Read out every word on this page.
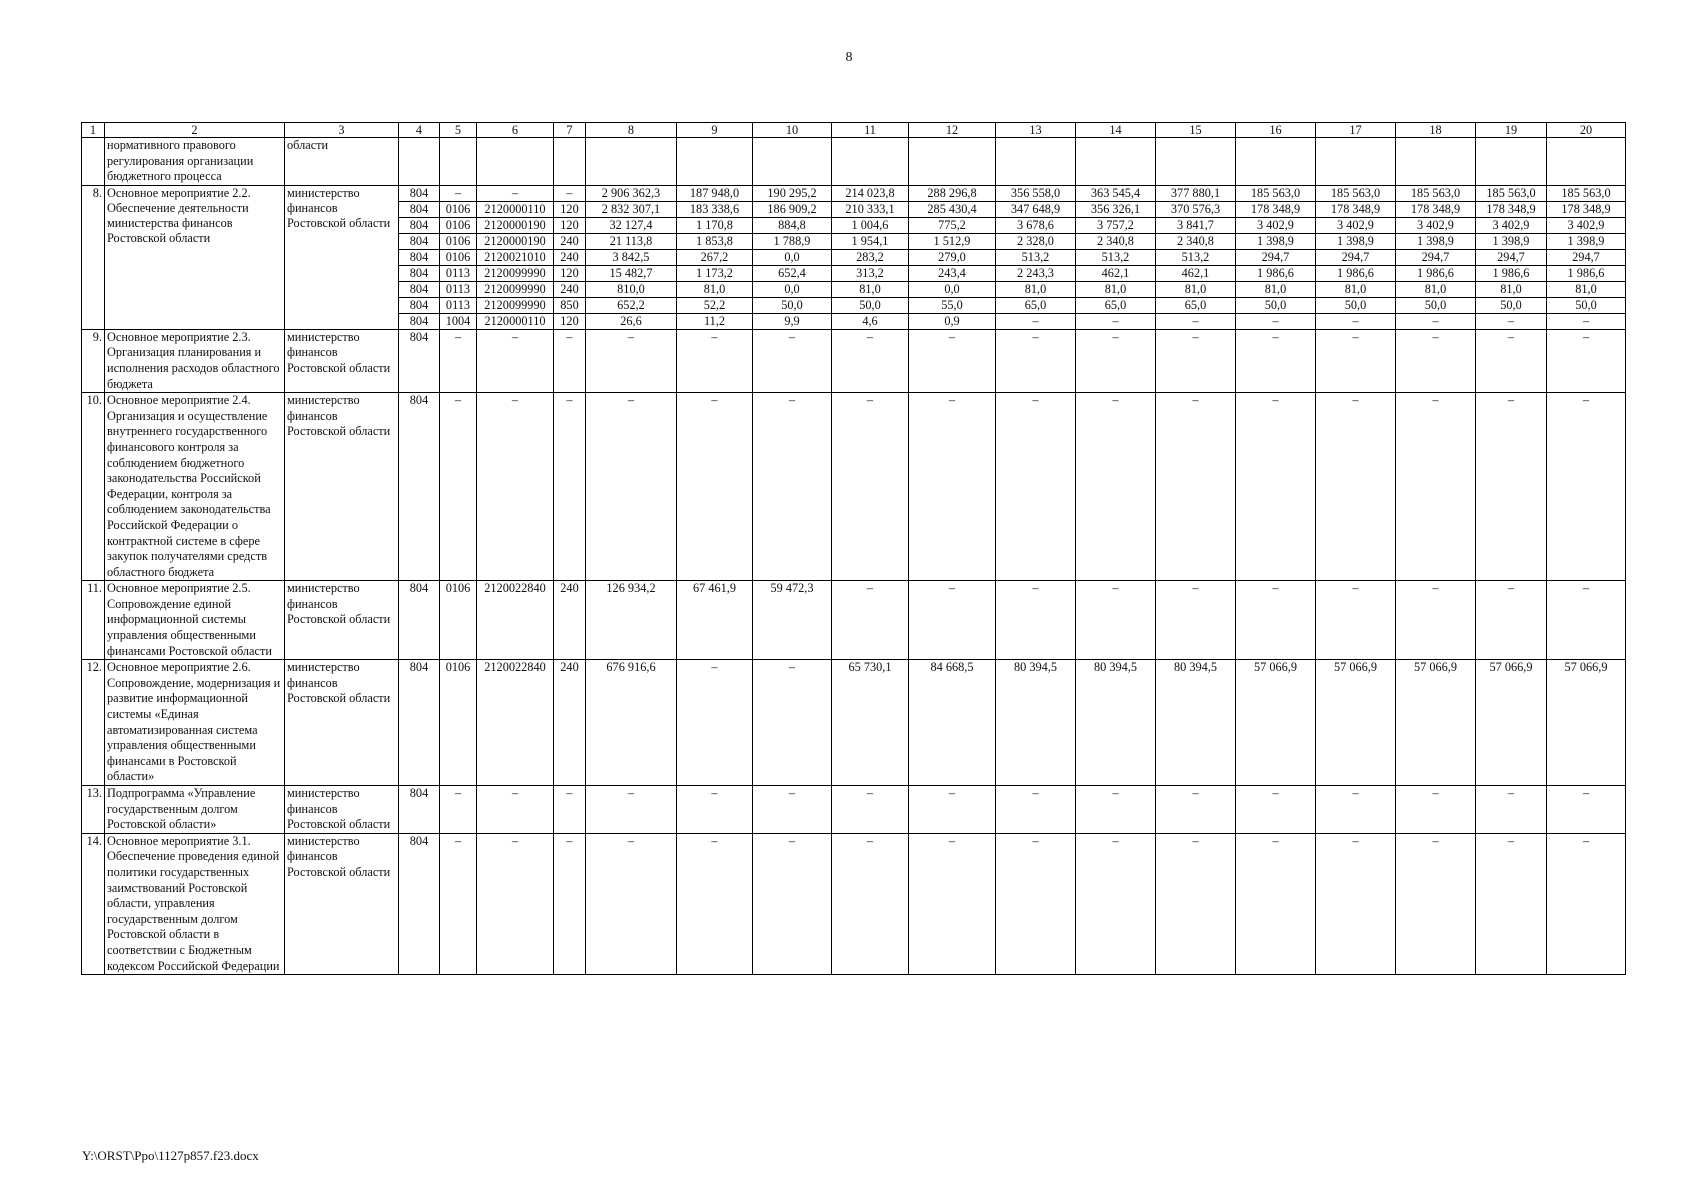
8
1	2	3	4	5	6	7	8	9	10	11	12	13	14	15	16	17	18	19	20
	нормативного правового регулирования организации бюджетного процесса	области																	
8.	Основное мероприятие 2.2. Обеспечение деятельности министерства финансов Ростовской области	министерство финансов Ростовской области	804	–	–	–	2 906 362,3	187 948,0	190 295,2	214 023,8	288 296,8	356 558,0	363 545,4	377 880,1	185 563,0	185 563,0	185 563,0	185 563,0	185 563,0
			804	0106	2120000110	120	2 832 307,1	183 338,6	186 909,2	210 333,1	285 430,4	347 648,9	356 326,1	370 576,3	178 348,9	178 348,9	178 348,9	178 348,9	178 348,9
			804	0106	2120000190	120	32 127,4	1 170,8	884,8	1 004,6	775,2	3 678,6	3 757,2	3 841,7	3 402,9	3 402,9	3 402,9	3 402,9	3 402,9
			804	0106	2120000190	240	21 113,8	1 853,8	1 788,9	1 954,1	1 512,9	2 328,0	2 340,8	2 340,8	1 398,9	1 398,9	1 398,9	1 398,9	1 398,9
			804	0106	2120021010	240	3 842,5	267,2	0,0	283,2	279,0	513,2	513,2	513,2	294,7	294,7	294,7	294,7	294,7
			804	0113	2120099990	120	15 482,7	1 173,2	652,4	313,2	243,4	2 243,3	462,1	462,1	1 986,6	1 986,6	1 986,6	1 986,6	1 986,6
			804	0113	2120099990	240	810,0	81,0	0,0	81,0	0,0	81,0	81,0	81,0	81,0	81,0	81,0	81,0	81,0
			804	0113	2120099990	850	652,2	52,2	50,0	50,0	55,0	65,0	65,0	65,0	50,0	50,0	50,0	50,0	50,0
			804	1004	2120000110	120	26,6	11,2	9,9	4,6	0,9	–	–	–	–	–	–	–	–
9.	Основное мероприятие 2.3. Организация планирования и исполнения расходов областного бюджета	министерство финансов Ростовской области	804	–	–	–	–	–	–	–	–	–	–	–	–	–	–	–	–
10.	Основное мероприятие 2.4. Организация и осуществление внутреннего государственного финансового контроля за соблюдением бюджетного законодательства Российской Федерации, контроля за соблюдением законодательства Российской Федерации о контрактной системе в сфере закупок получателями средств областного бюджета	министерство финансов Ростовской области	804	–	–	–	–	–	–	–	–	–	–	–	–	–	–	–	–
11.	Основное мероприятие 2.5. Сопровождение единой информационной системы управления общественными финансами Ростовской области	министерство финансов Ростовской области	804	0106	2120022840	240	126 934,2	67 461,9	59 472,3	–	–	–	–	–	–	–	–	–	–
12.	Основное мероприятие 2.6. Сопровождение, модернизация и развитие информационной системы «Единая автоматизированная система управления общественными финансами в Ростовской области»	министерство финансов Ростовской области	804	0106	2120022840	240	676 916,6	–	–	65 730,1	84 668,5	80 394,5	80 394,5	80 394,5	57 066,9	57 066,9	57 066,9	57 066,9	57 066,9
13.	Подпрограмма «Управление государственным долгом Ростовской области»	министерство финансов Ростовской области	804	–	–	–	–	–	–	–	–	–	–	–	–	–	–	–	–
14.	Основное мероприятие 3.1. Обеспечение проведения единой политики государственных заимствований Ростовской области, управления государственным долгом Ростовской области в соответствии с Бюджетным кодексом Российской Федерации	министерство финансов Ростовской области	804	–	–	–	–	–	–	–	–	–	–	–	–	–	–	–	–
Y:\ORST\Ppo\1127p857.f23.docx
